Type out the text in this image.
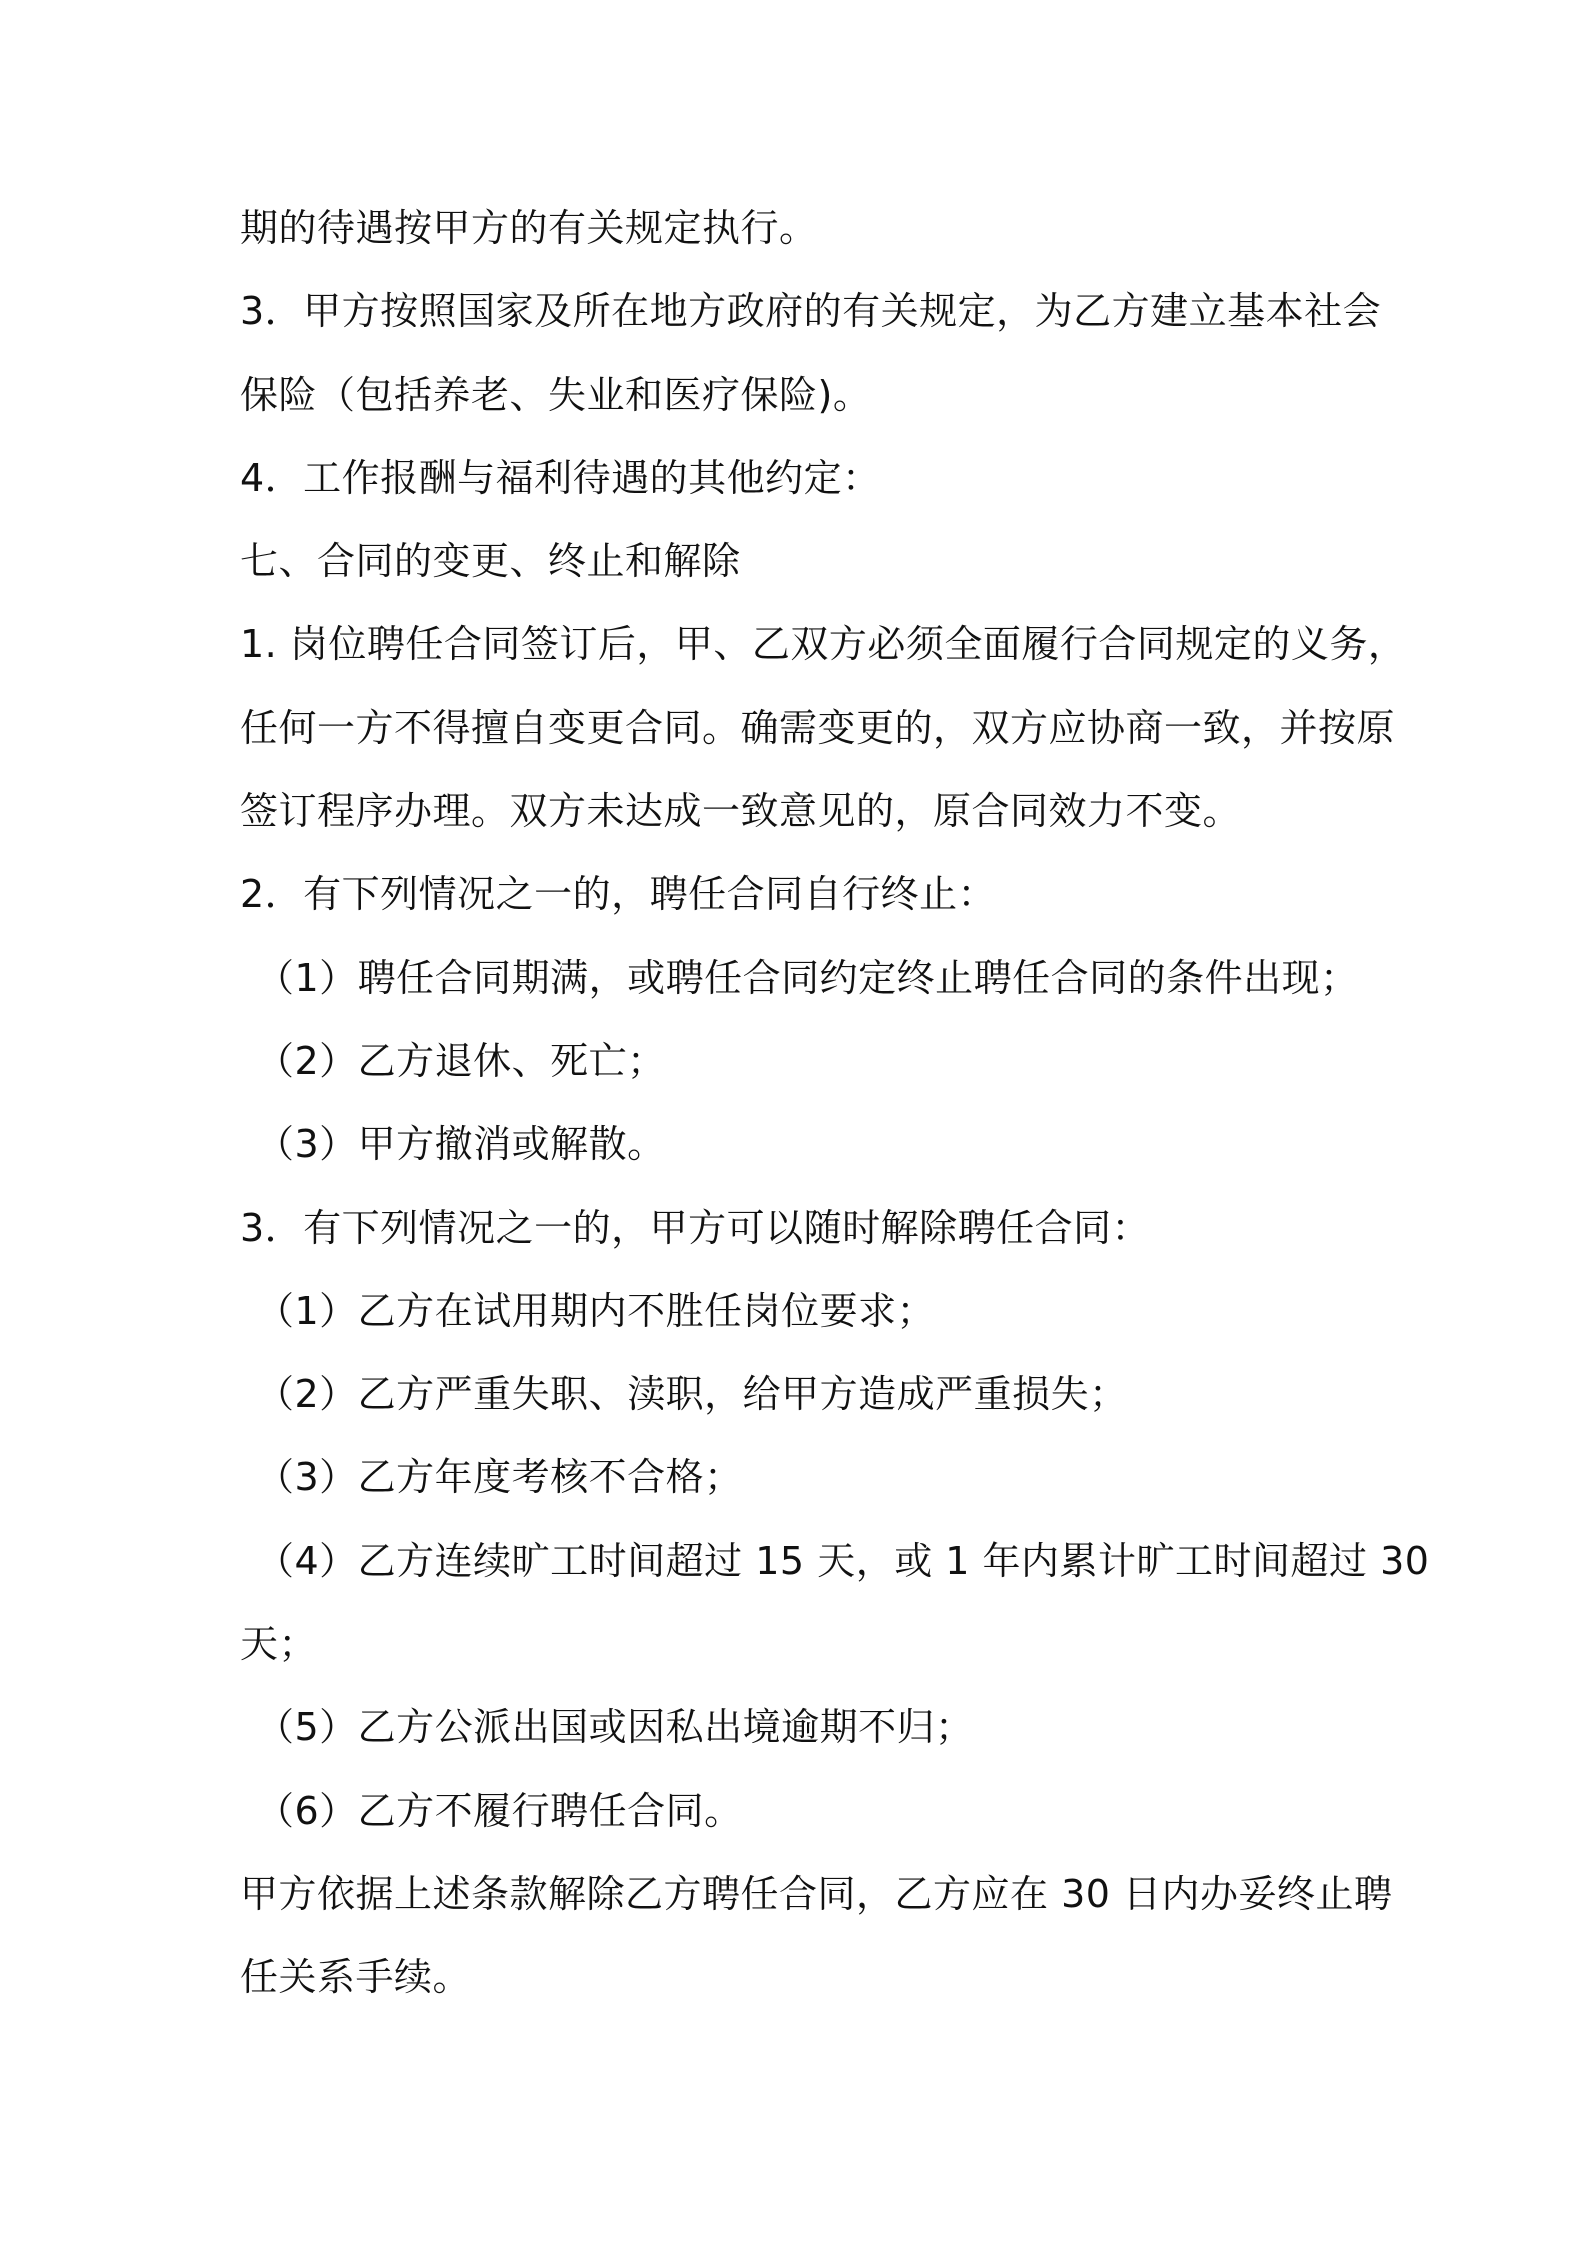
期的待遇按甲方的有关规定执行。
3．甲方按照国家及所在地方政府的有关规定，为乙方建立基本社会
保险（包括养老、失业和医疗保险)。
4．工作报酬与福利待遇的其他约定：
七、合同的变更、终止和解除
1. 岗位聘任合同签订后，甲、乙双方必须全面履行合同规定的义务，
任何一方不得擅自变更合同。确需变更的，双方应协商一致，并按原
签订程序办理。双方未达成一致意见的，原合同效力不变。
2．有下列情况之一的，聘任合同自行终止：
（1）聘任合同期满，或聘任合同约定终止聘任合同的条件出现；
（2）乙方退休、死亡；
（3）甲方撤消或解散。
3．有下列情况之一的，甲方可以随时解除聘任合同：
（1）乙方在试用期内不胜任岗位要求；
（2）乙方严重失职、渎职，给甲方造成严重损失；
（3）乙方年度考核不合格；
（4）乙方连续旷工时间超过 15 天，或 1 年内累计旷工时间超过 30
天；
（5）乙方公派出国或因私出境逾期不归；
（6）乙方不履行聘任合同。
甲方依据上述条款解除乙方聘任合同，乙方应在 30 日内办妥终止聘
任关系手续。
